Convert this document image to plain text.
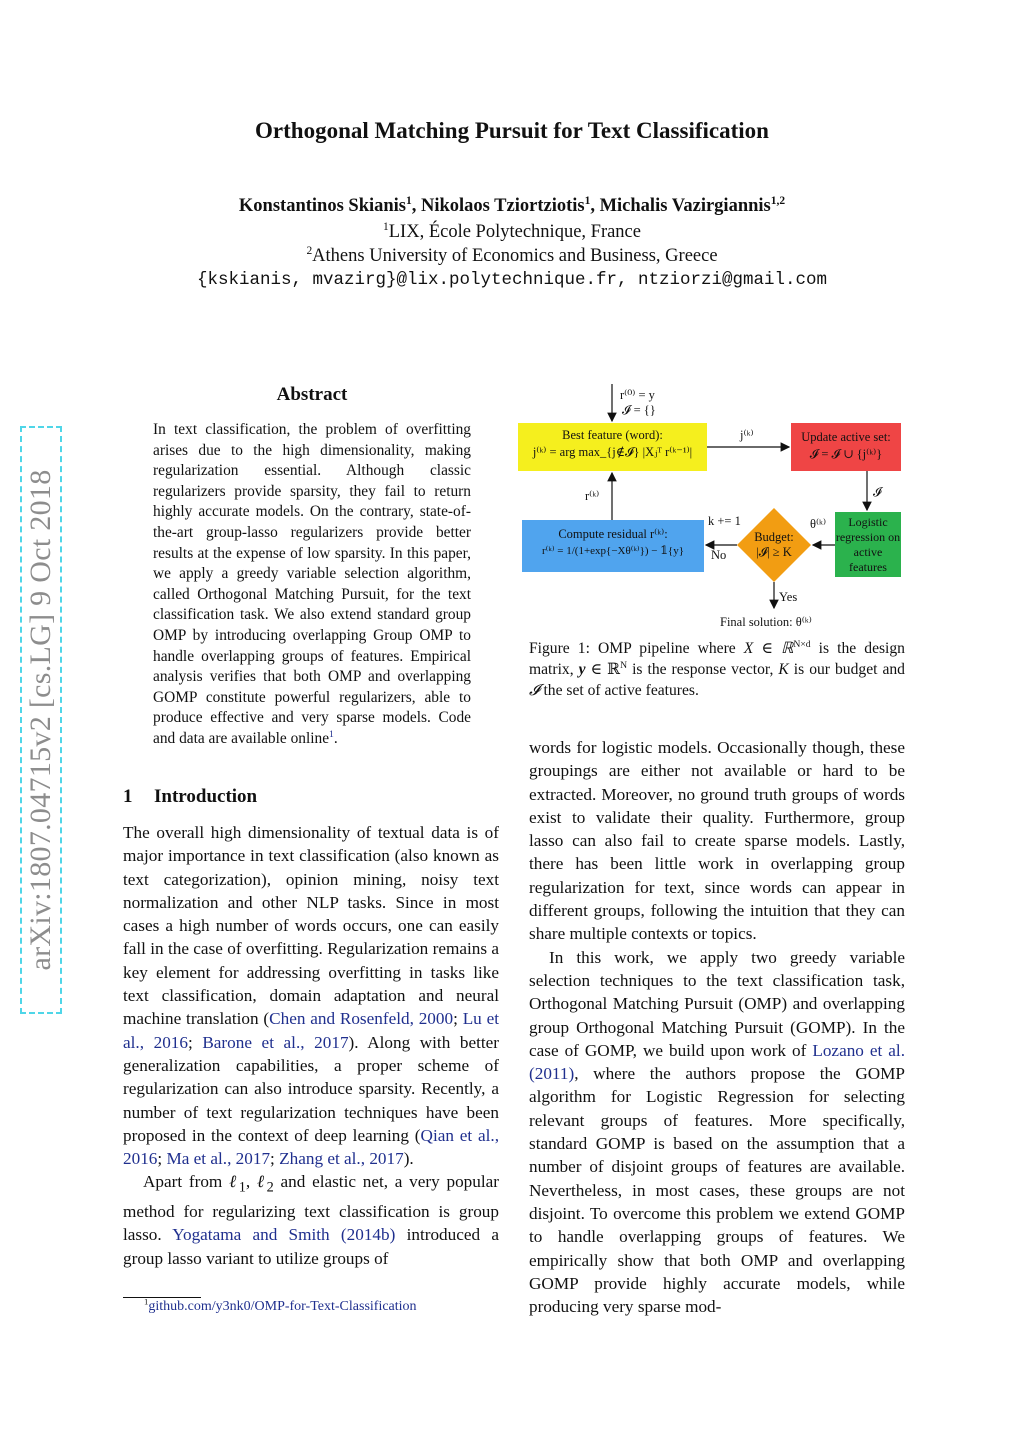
Orthogonal Matching Pursuit for Text Classification
Konstantinos Skianis$^1$, Nikolaos Tziortziotis$^1$, Michalis Vazirgiannis$^{1,2}$
$^1$LIX, École Polytechnique, France
$^2$Athens University of Economics and Business, Greece
{kskianis, mvazirg}@lix.polytechnique.fr, ntziorzi@gmail.com
arXiv:1807.04715v2 [cs.LG] 9 Oct 2018
Abstract
In text classification, the problem of overfitting arises due to the high dimensionality, making regularization essential. Although classic regularizers provide sparsity, they fail to return highly accurate models. On the contrary, state-of-the-art group-lasso regularizers provide better results at the expense of low sparsity. In this paper, we apply a greedy variable selection algorithm, called Orthogonal Matching Pursuit, for the text classification task. We also extend standard group OMP by introducing overlapping Group OMP to handle overlapping groups of features. Empirical analysis verifies that both OMP and overlapping GOMP constitute powerful regularizers, able to produce effective and very sparse models. Code and data are available online$^1$.
1 Introduction

The overall high dimensionality of textual data is of major importance in text classification (also known as text categorization), opinion mining, noisy text normalization and other NLP tasks. Since in most cases a high number of words occurs, one can easily fall in the case of overfitting. Regularization remains a key element for addressing overfitting in tasks like text classification, domain adaptation and neural machine translation (Chen and Rosenfeld, 2000; Lu et al., 2016; Barone et al., 2017). Along with better generalization capabilities, a proper scheme of regularization can also introduce sparsity. Recently, a number of text regularization techniques have been proposed in the context of deep learning (Qian et al., 2016; Ma et al., 2017; Zhang et al., 2017).

Apart from ℓ$_1$, ℓ$_2$ and elastic net, a very popular method for regularizing text classification is group lasso. Yogatama and Smith (2014b) introduced a group lasso variant to utilize groups of

$^1$github.com/y3nk0/OMP-for-Text-Classification
r⁽⁰⁾ = y
𝓘 = {}
Best feature (word):
j⁽ᵏ⁾ = arg max_{j∉𝓘} |Xⱼᵀ r⁽ᵏ⁻¹⁾|
Update active set:
𝓘 = 𝓘 ∪ {j⁽ᵏ⁾}
Compute residual r⁽ᵏ⁾:
r⁽ᵏ⁾ = 1/(1+exp{−Xθ⁽ᵏ⁾}) − 𝟙{y}
Logistic regression on active features
Budget:
|𝓘| ≥ K
j⁽ᵏ⁾
𝓘
r⁽ᵏ⁾
θ⁽ᵏ⁾
k += 1
No
Yes
Final solution: θ⁽ᵏ⁾
Figure 1: OMP pipeline where X ∈ ℝ$^{N\times d}$ is the design matrix, y ∈ ℝ$^N$ is the response vector, K is our budget and 𝓘 the set of active features.

words for logistic models. Occasionally though, these groupings are either not available or hard to be extracted. Moreover, no ground truth groups of words exist to validate their quality. Furthermore, group lasso can also fail to create sparse models. Lastly, there has been little work in overlapping group regularization for text, since words can appear in different groups, following the intuition that they can share multiple contexts or topics.

In this work, we apply two greedy variable selection techniques to the text classification task, Orthogonal Matching Pursuit (OMP) and overlapping group Orthogonal Matching Pursuit (GOMP). In the case of GOMP, we build upon work of Lozano et al. (2011), where the authors propose the GOMP algorithm for Logistic Regression for selecting relevant groups of features. More specifically, standard GOMP is based on the assumption that a number of disjoint groups of features are available. Nevertheless, in most cases, these groups are not disjoint. To overcome this problem we extend GOMP to handle overlapping groups of features. We empirically show that both OMP and overlapping GOMP provide highly accurate models, while producing very sparse mod-
